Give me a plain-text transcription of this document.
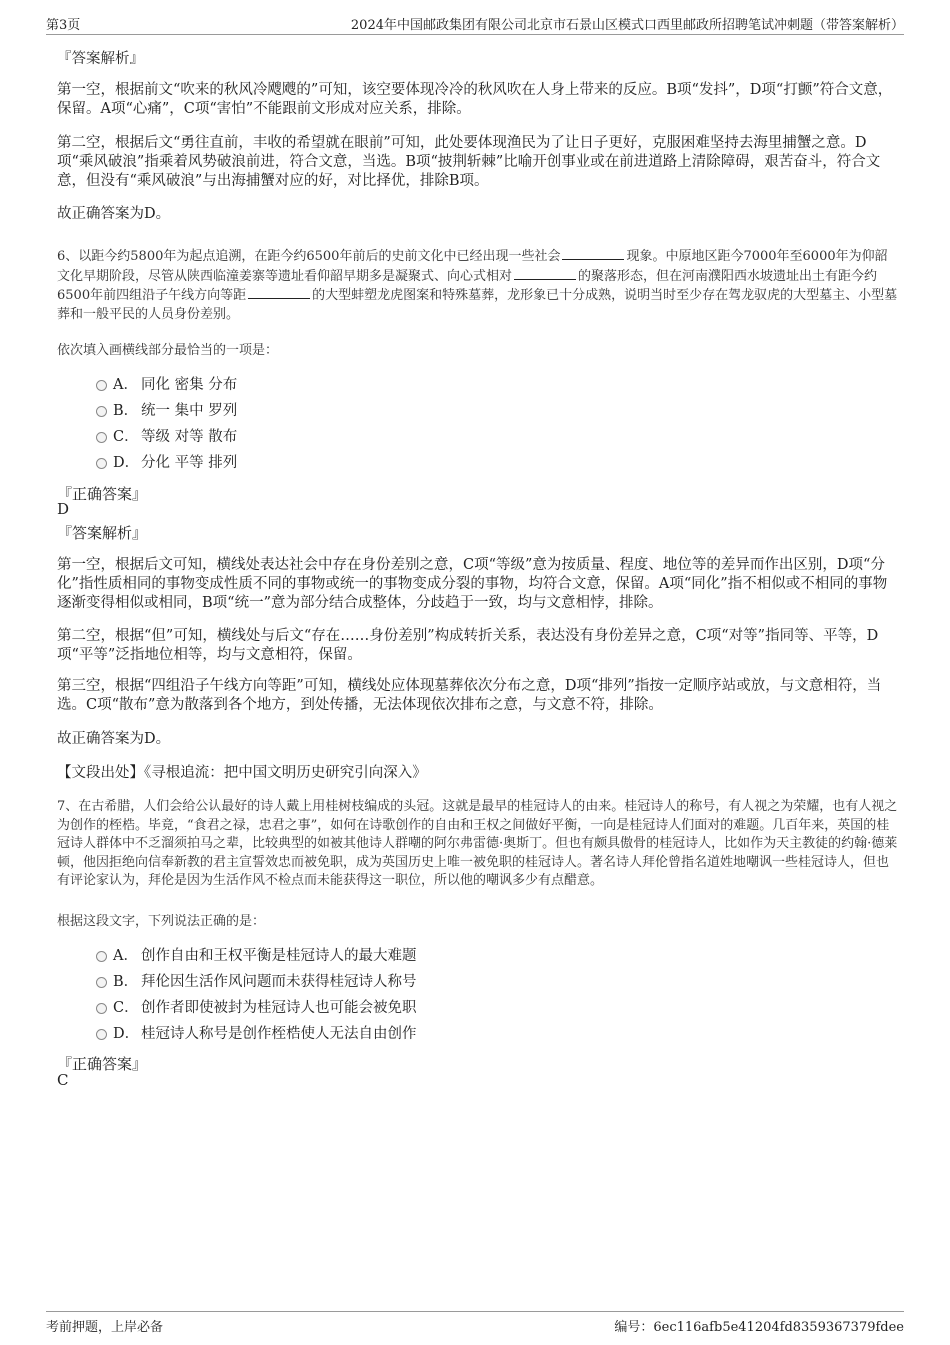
第3页	2024年中国邮政集团有限公司北京市石景山区模式口西里邮政所招聘笔试冲刺题（带答案解析）
『答案解析』
第一空，根据前文“吹来的秋风冷飕飕的”可知，该空要体现冷冷的秋风吹在人身上带来的反应。B项“发抖”，D项“打颤”符合文意，保留。A项“心痛”，C项“害怕”不能跟前文形成对应关系，排除。
第二空，根据后文“勇往直前，丰收的希望就在眼前”可知，此处要体现渔民为了让日子更好，克服困难坚持去海里捕蟹之意。D项“乘风破浪”指乘着风势破浪前进，符合文意，当选。B项“披荆斩棘”比喻开创事业或在前进道路上清除障碍，艰苦奋斗，符合文意，但没有“乘风破浪”与出海捕蟹对应的好，对比择优，排除B项。
故正确答案为D。
6、以距今约5800年为起点追溯，在距今约6500年前后的史前文化中已经出现一些社会	现象。中原地区距今7000年至6000年为仰韶文化早期阶段，尽管从陕西临潼姜寨等遗址看仰韶早期多是凝聚式、向心式相对	的聚落形态，但在河南濮阳西水坡遗址出土有距今约6500年前四组沿子午线方向等距	的大型蚌塑龙虎图案和特殊墓葬，龙形象已十分成熟，说明当时至少存在驾龙驭虎的大型墓主、小型墓葬和一般平民的人员身份差别。
依次填入画横线部分最恰当的一项是：
A． 同化 密集 分布
B． 统一 集中 罗列
C． 等级 对等 散布
D． 分化 平等 排列
『正确答案』
D
『答案解析』
第一空，根据后文可知，横线处表达社会中存在身份差别之意，C项“等级”意为按质量、程度、地位等的差异而作出区别，D项“分化”指性质相同的事物变成性质不同的事物或统一的事物变成分裂的事物，均符合文意，保留。A项“同化”指不相似或不相同的事物逐渐变得相似或相同，B项“统一”意为部分结合成整体，分歧趋于一致，均与文意相悖，排除。
第二空，根据“但”可知，横线处与后文“存在……身份差别”构成转折关系，表达没有身份差异之意，C项“对等”指同等、平等，D项“平等”泛指地位相等，均与文意相符，保留。
第三空，根据“四组沿子午线方向等距”可知，横线处应体现墓葬依次分布之意，D项“排列”指按一定顺序站或放，与文意相符，当选。C项“散布”意为散落到各个地方，到处传播，无法体现依次排布之意，与文意不符，排除。
故正确答案为D。
【文段出处】《寻根追流：把中国文明历史研究引向深入》
7、在古希腊，人们会给公认最好的诗人戴上用桂树枝编成的头冠。这就是最早的桂冠诗人的由来。桂冠诗人的称号，有人视之为荣耀，也有人视之为创作的桎梏。毕竟，“食君之禄，忠君之事”，如何在诗歌创作的自由和王权之间做好平衡，一向是桂冠诗人们面对的难题。几百年来，英国的桂冠诗人群体中不乏溜须拍马之辈，比较典型的如被其他诗人群嘲的阿尔弗雷德·奥斯丁。但也有颇具傲骨的桂冠诗人，比如作为天主教徒的约翰·德莱顿，他因拒绝向信奉新教的君主宣誓效忠而被免职，成为英国历史上唯一被免职的桂冠诗人。著名诗人拜伦曾指名道姓地嘲讽一些桂冠诗人，但也有评论家认为，拜伦是因为生活作风不检点而未能获得这一职位，所以他的嘲讽多少有点醋意。
根据这段文字，下列说法正确的是：
A． 创作自由和王权平衡是桂冠诗人的最大难题
B． 拜伦因生活作风问题而未获得桂冠诗人称号
C． 创作者即使被封为桂冠诗人也可能会被免职
D． 桂冠诗人称号是创作桎梏使人无法自由创作
『正确答案』
C
考前押题，上岸必备	编号：6ec116afb5e41204fd8359367379fdee
